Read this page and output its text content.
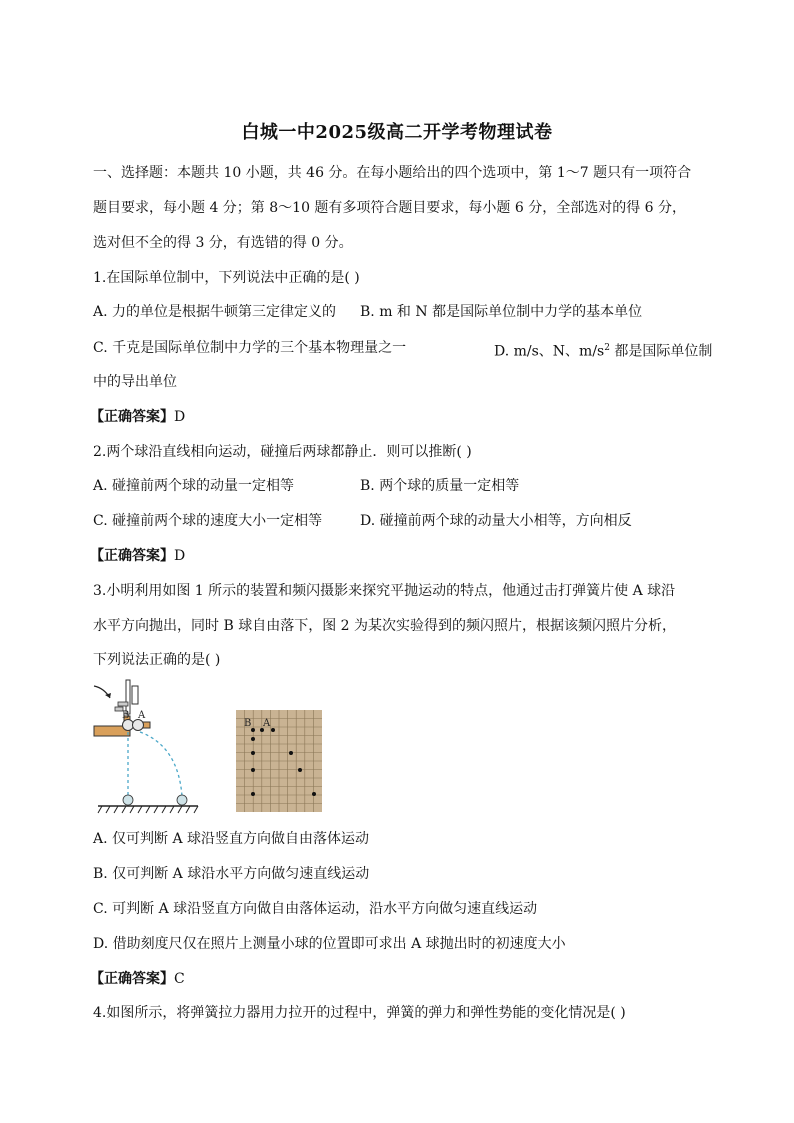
白城一中2025级高二开学考物理试卷
一、选择题：本题共 10 小题，共 46 分。在每小题给出的四个选项中，第 1～7 题只有一项符合
题目要求，每小题 4 分；第 8～10 题有多项符合题目要求，每小题 6 分，全部选对的得 6 分，
选对但不全的得 3 分，有选错的得 0 分。
1.在国际单位制中，下列说法中正确的是( )
A. 力的单位是根据牛顿第三定律定义的 B. m 和 N 都是国际单位制中力学的基本单位
C. 千克是国际单位制中力学的三个基本物理量之一	D. m/s、N、$m/s^2$ 都是国际单位制
中的导出单位
【正确答案】D
2.两个球沿直线相向运动，碰撞后两球都静止．则可以推断( )
A. 碰撞前两个球的动量一定相等	B. 两个球的质量一定相等
C. 碰撞前两个球的速度大小一定相等	D. 碰撞前两个球的动量大小相等，方向相反
【正确答案】D
3.小明利用如图 1 所示的装置和频闪摄影来探究平抛运动的特点，他通过击打弹簧片使 A 球沿
水平方向抛出，同时 B 球自由落下，图 2 为某次实验得到的频闪照片，根据该频闪照片分析，
下列说法正确的是( )
B A
B A
A. 仅可判断 A 球沿竖直方向做自由落体运动
B. 仅可判断 A 球沿水平方向做匀速直线运动
C. 可判断 A 球沿竖直方向做自由落体运动，沿水平方向做匀速直线运动
D. 借助刻度尺仅在照片上测量小球的位置即可求出 A 球抛出时的初速度大小
【正确答案】C
4.如图所示，将弹簧拉力器用力拉开的过程中，弹簧的弹力和弹性势能的变化情况是( )
